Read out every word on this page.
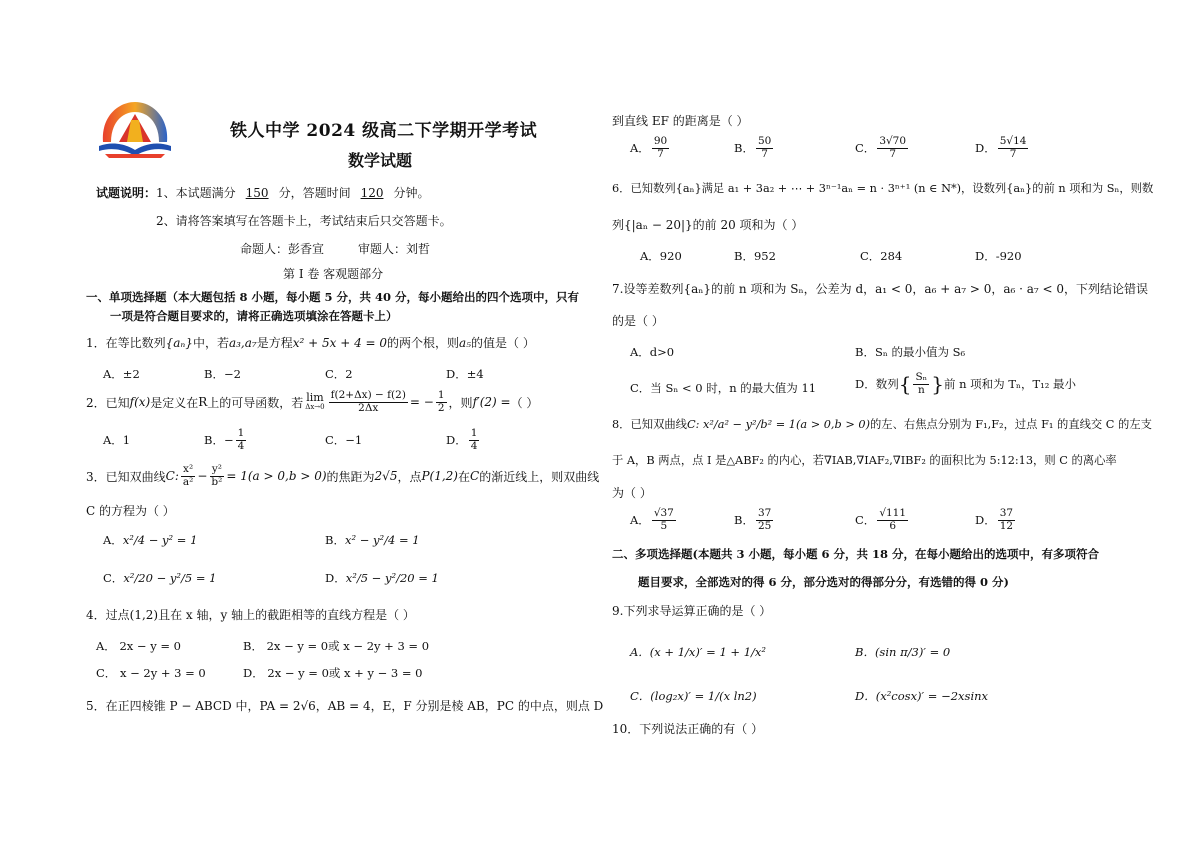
铁人中学 2024 级高二下学期开学考试
数学试题
试题说明：1、本试题满分 150 分，答题时间 120 分钟。
2、请将答案填写在答题卡上，考试结束后只交答题卡。
命题人：彭香宣	审题人：刘哲
第 I 卷 客观题部分
一、单项选择题（本大题包括 8 小题，每小题 5 分，共 40 分，每小题给出的四个选项中，只有
一项是符合题目要求的，请将正确选项填涂在答题卡上）
1．在等比数列{aₙ}中，若a₃,a₇是方程x² + 5x + 4 = 0的两个根，则a₅的值是（ ）
A．±2	B．−2	C．2	D．±4
2．已知 f(x) 是定义在 R 上的可导函数，若 lim
$\Delta x\to 0 \frac{f(2+\Delta x) - f(2)}{2\Delta x}$ = − $\frac{1}{2}$ ，则 f′(2) = （ ）
A．1	B．− $\frac{1}{4}$	C．−1	D． $\frac{1}{4}$
3．已知双曲线 C: $\frac{\text{x²}}{\text{a²}} - \frac{\text{y²}}{\text{b²}} = 1(a > 0,b > 0)$ 的焦距为 2√5 ，点 P(1,2) 在 C 的渐近线上，则双曲线
C 的方程为（ ）
A．x²/4 − y² = 1	B．x² − y²/4 = 1
C．x²/20 − y²/5 = 1	D．x²/5 − y²/20 = 1
4．过点(1,2)且在 x 轴，y 轴上的截距相等的直线方程是（ ）
A． 2x − y = 0	B． 2x − y = 0或 x − 2y + 3 = 0
C． x − 2y + 3 = 0	D． 2x − y = 0或 x + y − 3 = 0
5．在正四棱锥 P − ABCD 中，PA = 2√6，AB = 4，E，F 分别是棱 AB，PC 的中点，则点 D
到直线 EF 的距离是（ ）
A． $\frac{90}{7}$	B． $\frac{50}{7}$	C． $\frac{3√70}{7}$	D． $\frac{5√14}{7}$
6．已知数列{aₙ}满足 a₁ + 3a₂ + ⋯ + 3ⁿ⁻¹aₙ = n · 3ⁿ⁺¹ (n ∈ N*)，设数列{aₙ}的前 n 项和为 Sₙ，则数
列{|aₙ − 20|}的前 20 项和为（ ）
A．920	B．952	C．284	D．-920
7.设等差数列{aₙ}的前 n 项和为 Sₙ，公差为 d，a₁ < 0，a₆ + a₇ > 0，a₆ · a₇ < 0，下列结论错误
的是（ ）
A．d>0	B．Sₙ 的最小值为 S₆
C．当 Sₙ < 0 时，n 的最大值为 11	D．数列 { $\frac{\text{Sₙ}}{n}$ } 前 n 项和为 Tₙ，T₁₂ 最小
8．已知双曲线C: x²/a² − y²/b² = 1(a > 0,b > 0)的左、右焦点分别为 F₁,F₂，过点 F₁ 的直线交 C 的左支
于 A，B 两点，点 I 是△ABF₂ 的内心，若∇IAB,∇IAF₂,∇IBF₂ 的面积比为 5:12:13，则 C 的离心率
为（ ）
A． $\frac{√37}{5}$	B． $\frac{37}{25}$	C． $\frac{√111}{6}$	D． $\frac{37}{12}$
二、多项选择题(本题共 3 小题，每小题 6 分，共 18 分，在每小题给出的选项中，有多项符合
题目要求，全部选对的得 6 分，部分选对的得部分分，有选错的得 0 分)
9.下列求导运算正确的是（ ）
A．(x + 1/x)′ = 1 + 1/x²	B．(sin π/3)′ = 0
C．(log₂x)′ = 1/(x ln2)	D．(x²cosx)′ = −2xsinx
10．下列说法正确的有（ ）
